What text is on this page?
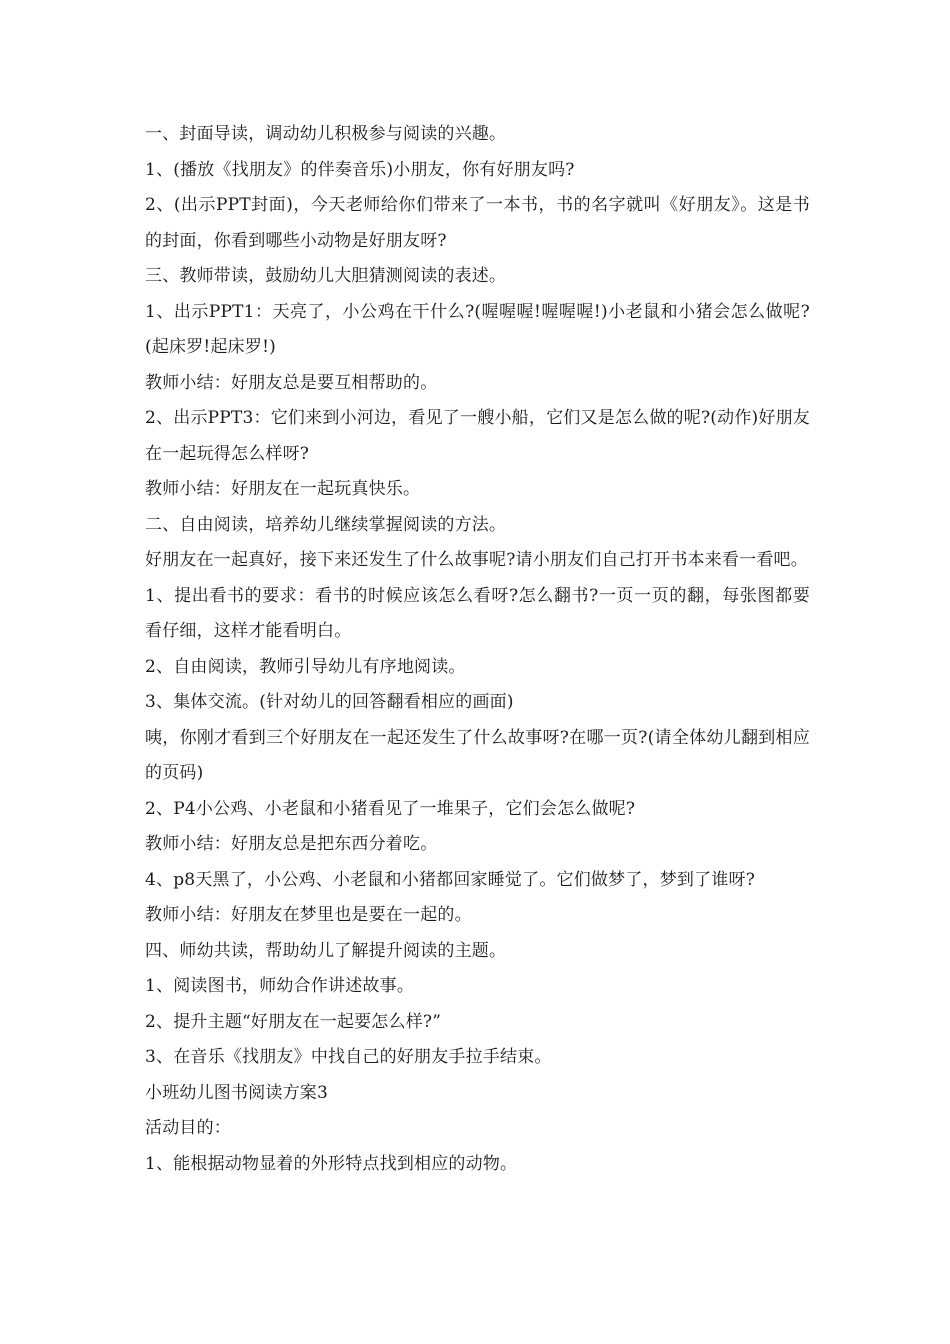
一、封面导读，调动幼儿积极参与阅读的兴趣。

1、(播放《找朋友》的伴奏音乐)小朋友，你有好朋友吗?

2、(出示PPT封面)，今天老师给你们带来了一本书，书的名字就叫《好朋友》。这是书的封面，你看到哪些小动物是好朋友呀?

三、教师带读，鼓励幼儿大胆猜测阅读的表述。

1、出示PPT1：天亮了，小公鸡在干什么?(喔喔喔!喔喔喔!)小老鼠和小猪会怎么做呢?(起床罗!起床罗!)

教师小结：好朋友总是要互相帮助的。

2、出示PPT3：它们来到小河边，看见了一艘小船，它们又是怎么做的呢?(动作)好朋友在一起玩得怎么样呀?

教师小结：好朋友在一起玩真快乐。

二、自由阅读，培养幼儿继续掌握阅读的方法。

好朋友在一起真好，接下来还发生了什么故事呢?请小朋友们自己打开书本来看一看吧。

1、提出看书的要求：看书的时候应该怎么看呀?怎么翻书?一页一页的翻，每张图都要看仔细，这样才能看明白。

2、自由阅读，教师引导幼儿有序地阅读。

3、集体交流。(针对幼儿的回答翻看相应的画面)

咦，你刚才看到三个好朋友在一起还发生了什么故事呀?在哪一页?(请全体幼儿翻到相应的页码)

2、P4小公鸡、小老鼠和小猪看见了一堆果子，它们会怎么做呢?

教师小结：好朋友总是把东西分着吃。

4、p8天黑了，小公鸡、小老鼠和小猪都回家睡觉了。它们做梦了，梦到了谁呀?

教师小结：好朋友在梦里也是要在一起的。

四、师幼共读，帮助幼儿了解提升阅读的主题。

1、阅读图书，师幼合作讲述故事。

2、提升主题“好朋友在一起要怎么样?”

3、在音乐《找朋友》中找自己的好朋友手拉手结束。

小班幼儿图书阅读方案3

活动目的：

1、能根据动物显着的外形特点找到相应的动物。
